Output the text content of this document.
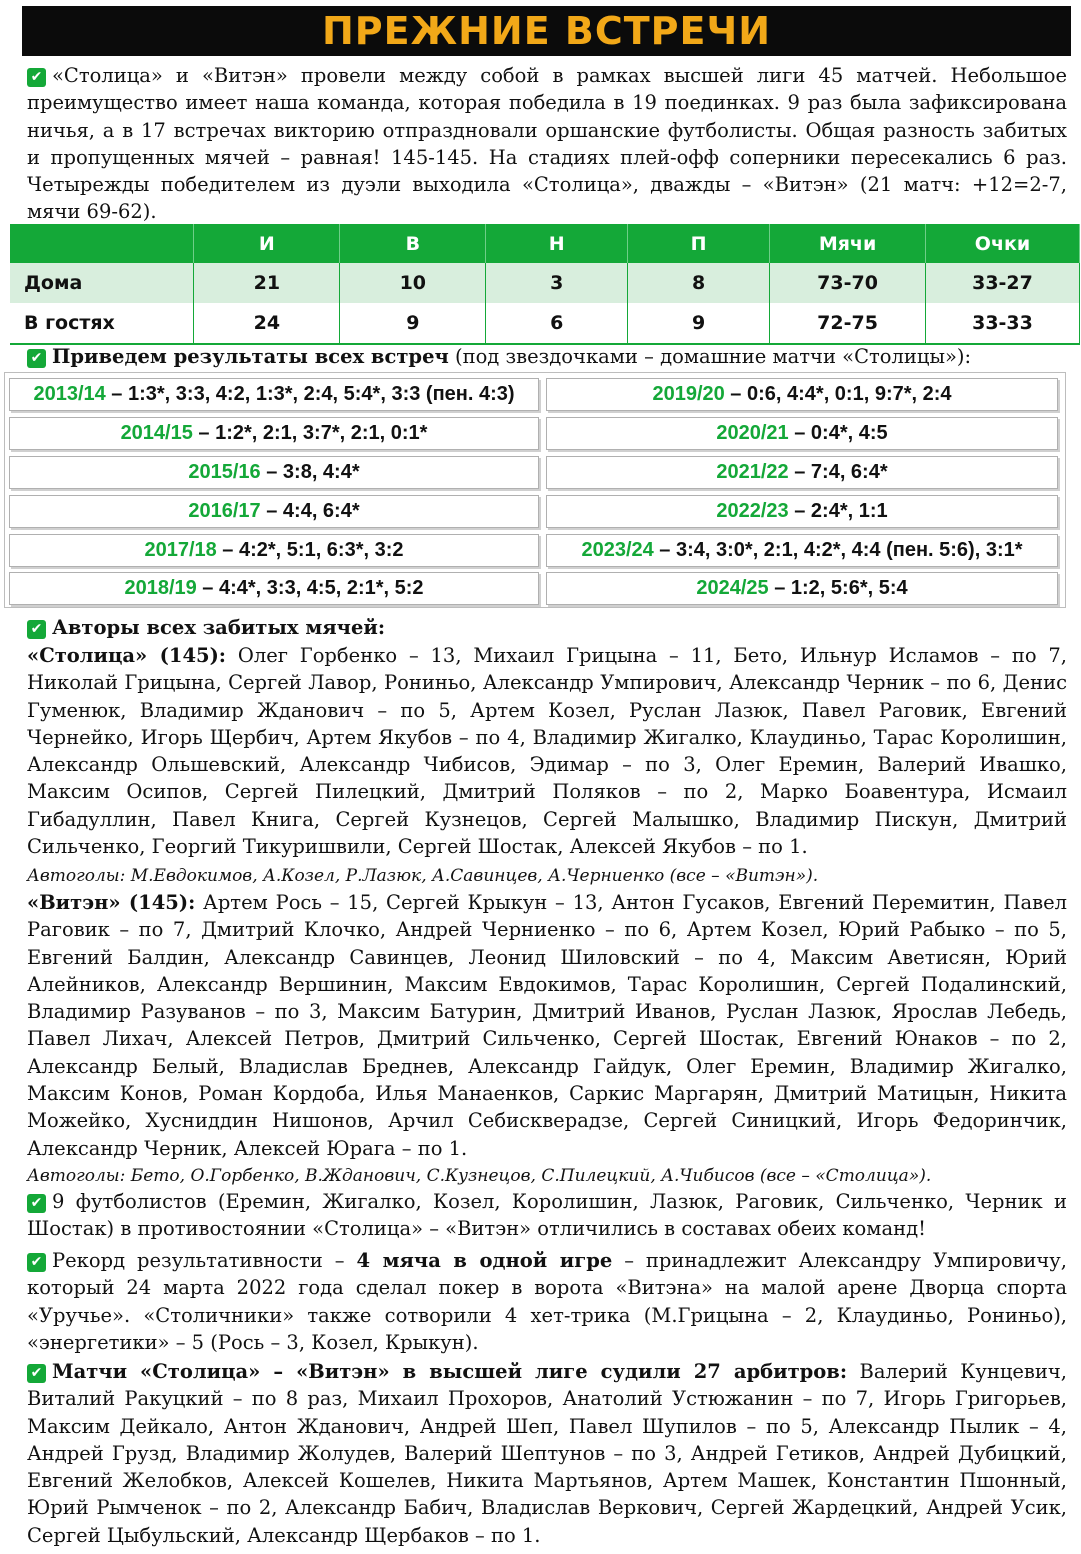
ПРЕЖНИЕ ВСТРЕЧИ

✔ «Столица» и «Витэн» провели между собой в рамках высшей лиги 45 матчей. Небольшое преимущество имеет наша команда, которая победила в 19 поединках. 9 раз была зафиксирована ничья, а в 17 встречах викторию отпраздновали оршанские футболисты. Общая разность забитых и пропущенных мячей – равная! 145-145. На стадиях плей-офф соперники пересекались 6 раз. Четырежды победителем из дуэли выходила «Столица», дважды – «Витэн» (21 матч: +12=2-7, мячи 69-62).

	И	В	Н	П	Мячи	Очки
Дома	21	10	3	8	73-70	33-27
В гостях	24	9	6	9	72-75	33-33

✔ Приведем результаты всех встреч (под звездочками – домашние матчи «Столицы»):

2013/14 – 1:3*, 3:3, 4:2, 1:3*, 2:4, 5:4*, 3:3 (пен. 4:3)	2019/20 – 0:6, 4:4*, 0:1, 9:7*, 2:4
2014/15 – 1:2*, 2:1, 3:7*, 2:1, 0:1*	2020/21 – 0:4*, 4:5
2015/16 – 3:8, 4:4*	2021/22 – 7:4, 6:4*
2016/17 – 4:4, 6:4*	2022/23 – 2:4*, 1:1
2017/18 – 4:2*, 5:1, 6:3*, 3:2	2023/24 – 3:4, 3:0*, 2:1, 4:2*, 4:4 (пен. 5:6), 3:1*
2018/19 – 4:4*, 3:3, 4:5, 2:1*, 5:2	2024/25 – 1:2, 5:6*, 5:4

✔ Авторы всех забитых мячей:

«Столица» (145): Олег Горбенко – 13, Михаил Грицына – 11, Бето, Ильнур Исламов – по 7, Николай Грицына, Сергей Лавор, Рониньо, Александр Умпирович, Александр Черник – по 6, Денис Гуменюк, Владимир Жданович – по 5, Артем Козел, Руслан Лазюк, Павел Раговик, Евгений Чернейко, Игорь Щербич, Артем Якубов – по 4, Владимир Жигалко, Клаудиньо, Тарас Королишин, Александр Ольшевский, Александр Чибисов, Эдимар – по 3, Олег Еремин, Валерий Ивашко, Максим Осипов, Сергей Пилецкий, Дмитрий Поляков – по 2, Марко Боавентура, Исмаил Гибадуллин, Павел Книга, Сергей Кузнецов, Сергей Малышко, Владимир Пискун, Дмитрий Сильченко, Георгий Тикуришвили, Сергей Шостак, Алексей Якубов – по 1.

Автоголы: М.Евдокимов, А.Козел, Р.Лазюк, А.Савинцев, А.Черниенко (все – «Витэн»).

«Витэн» (145): Артем Рось – 15, Сергей Крыкун – 13, Антон Гусаков, Евгений Перемитин, Павел Раговик – по 7, Дмитрий Клочко, Андрей Черниенко – по 6, Артем Козел, Юрий Рабыко – по 5, Евгений Балдин, Александр Савинцев, Леонид Шиловский – по 4, Максим Аветисян, Юрий Алейников, Александр Вершинин, Максим Евдокимов, Тарас Королишин, Сергей Подалинский, Владимир Разуванов – по 3, Максим Батурин, Дмитрий Иванов, Руслан Лазюк, Ярослав Лебедь, Павел Лихач, Алексей Петров, Дмитрий Сильченко, Сергей Шостак, Евгений Юнаков – по 2, Александр Белый, Владислав Бреднев, Александр Гайдук, Олег Еремин, Владимир Жигалко, Максим Конов, Роман Кордоба, Илья Манаенков, Саркис Маргарян, Дмитрий Матицын, Никита Можейко, Хусниддин Нишонов, Арчил Себискверадзе, Сергей Синицкий, Игорь Федоринчик, Александр Черник, Алексей Юрага – по 1.

Автоголы: Бето, О.Горбенко, В.Жданович, С.Кузнецов, С.Пилецкий, А.Чибисов (все – «Столица»).

✔ 9 футболистов (Еремин, Жигалко, Козел, Королишин, Лазюк, Раговик, Сильченко, Черник и Шостак) в противостоянии «Столица» – «Витэн» отличились в составах обеих команд!

✔ Рекорд результативности – 4 мяча в одной игре – принадлежит Александру Умпировичу, который 24 марта 2022 года сделал покер в ворота «Витэна» на малой арене Дворца спорта «Уручье». «Столичники» также сотворили 4 хет-трика (М.Грицына – 2, Клаудиньо, Рониньо), «энергетики» – 5 (Рось – 3, Козел, Крыкун).

✔ Матчи «Столица» – «Витэн» в высшей лиге судили 27 арбитров: Валерий Кунцевич, Виталий Ракуцкий – по 8 раз, Михаил Прохоров, Анатолий Устюжанин – по 7, Игорь Григорьев, Максим Дейкало, Антон Жданович, Андрей Шеп, Павел Шупилов – по 5, Александр Пылик – 4, Андрей Грузд, Владимир Жолудев, Валерий Шептунов – по 3, Андрей Гетиков, Андрей Дубицкий, Евгений Желобков, Алексей Кошелев, Никита Мартьянов, Артем Машек, Константин Пшонный, Юрий Рымченок – по 2, Александр Бабич, Владислав Веркович, Сергей Жардецкий, Андрей Усик, Сергей Цыбульский, Александр Щербаков – по 1.
